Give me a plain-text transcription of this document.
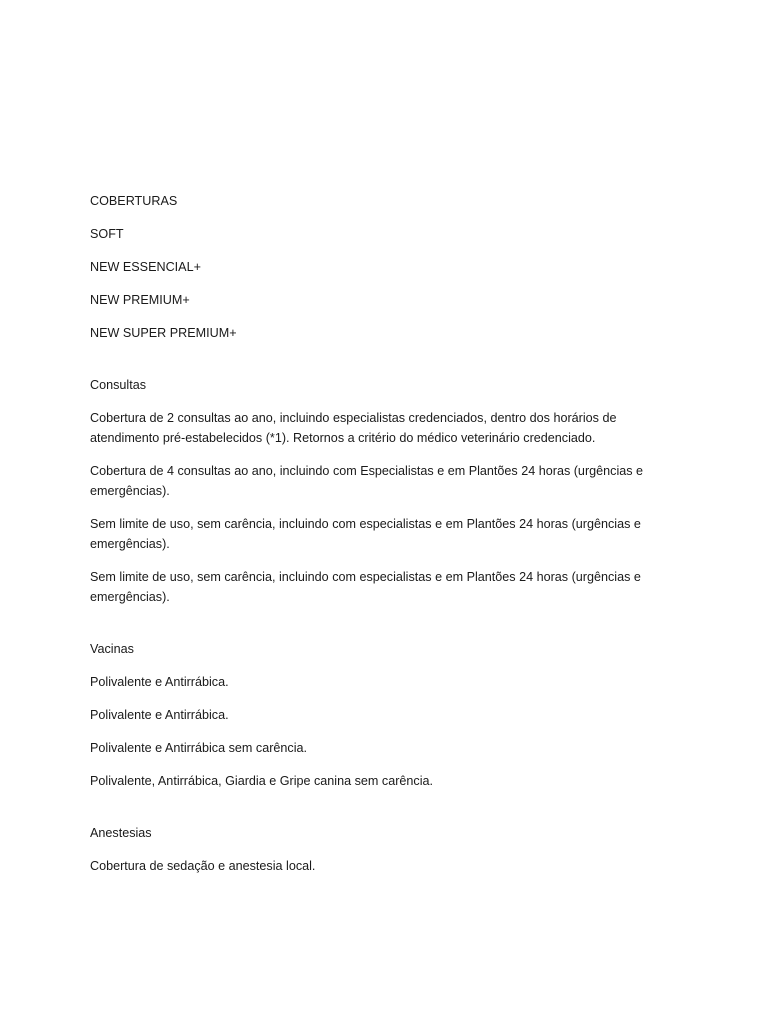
COBERTURAS

SOFT

NEW ESSENCIAL+

NEW PREMIUM+

NEW SUPER PREMIUM+

Consultas

Cobertura de 2 consultas ao ano, incluindo especialistas credenciados, dentro dos horários de atendimento pré-estabelecidos (*1). Retornos a critério do médico veterinário credenciado.

Cobertura de 4 consultas ao ano, incluindo com Especialistas e em Plantões 24 horas (urgências e emergências).

Sem limite de uso, sem carência, incluindo com especialistas e em Plantões 24 horas (urgências e emergências).

Sem limite de uso, sem carência, incluindo com especialistas e em Plantões 24 horas (urgências e emergências).

Vacinas

Polivalente e Antirrábica.

Polivalente e Antirrábica.

Polivalente e Antirrábica sem carência.

Polivalente, Antirrábica, Giardia e Gripe canina sem carência.

Anestesias

Cobertura de sedação e anestesia local.
